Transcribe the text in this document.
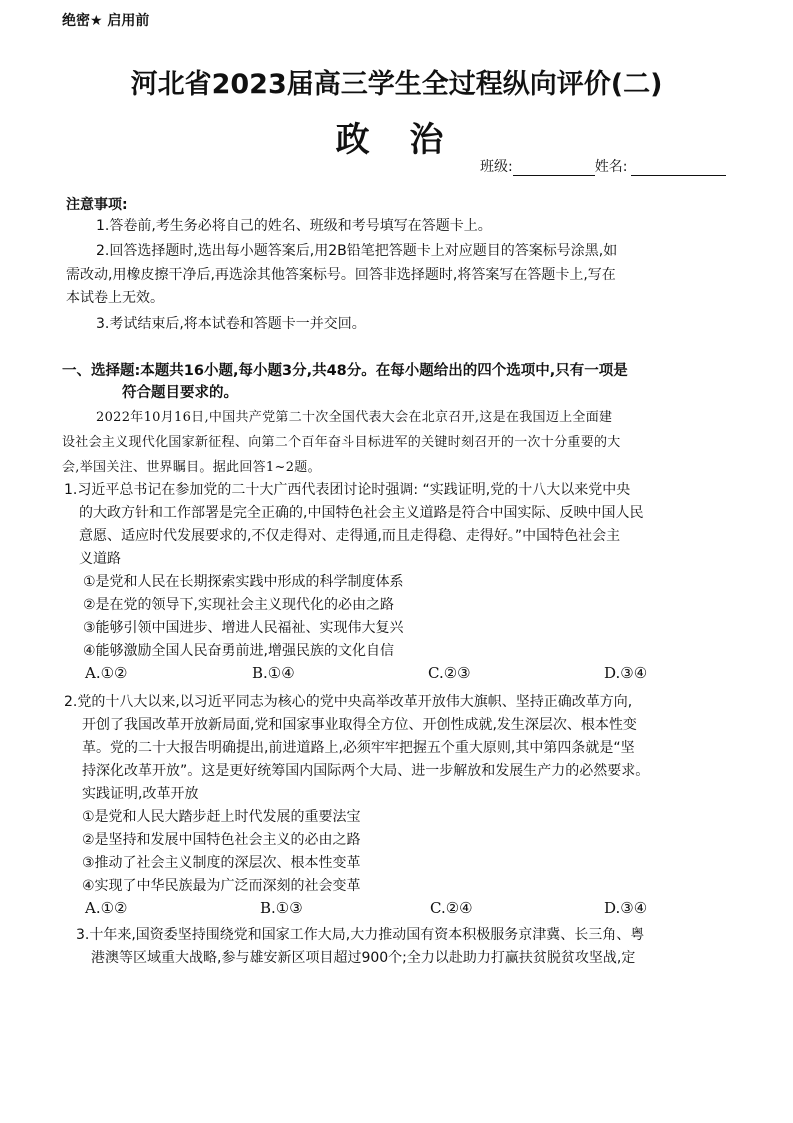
绝密★ 启用前
河北省2023届高三学生全过程纵向评价(二)
政 治
班级:	姓名:
注意事项:
1.答卷前,考生务必将自己的姓名、班级和考号填写在答题卡上。
2.回答选择题时,选出每小题答案后,用2B铅笔把答题卡上对应题目的答案标号涂黑,如
需改动,用橡皮擦干净后,再选涂其他答案标号。回答非选择题时,将答案写在答题卡上,写在
本试卷上无效。
3.考试结束后,将本试卷和答题卡一并交回。
一、选择题:本题共16小题,每小题3分,共48分。在每小题给出的四个选项中,只有一项是
符合题目要求的。
2022年10月16日,中国共产党第二十次全国代表大会在北京召开,这是在我国迈上全面建
设社会主义现代化国家新征程、向第二个百年奋斗目标进军的关键时刻召开的一次十分重要的大
会,举国关注、世界瞩目。据此回答1~2题。
1.习近平总书记在参加党的二十大广西代表团讨论时强调: “实践证明,党的十八大以来党中央
的大政方针和工作部署是完全正确的,中国特色社会主义道路是符合中国实际、反映中国人民
意愿、适应时代发展要求的,不仅走得对、走得通,而且走得稳、走得好。”中国特色社会主
义道路
①是党和人民在长期探索实践中形成的科学制度体系
②是在党的领导下,实现社会主义现代化的必由之路
③能够引领中国进步、增进人民福祉、实现伟大复兴
④能够激励全国人民奋勇前进,增强民族的文化自信
A.①②	B.①④	C.②③	D.③④
2.党的十八大以来,以习近平同志为核心的党中央高举改革开放伟大旗帜、坚持正确改革方向,
开创了我国改革开放新局面,党和国家事业取得全方位、开创性成就,发生深层次、根本性变
革。党的二十大报告明确提出,前进道路上,必须牢牢把握五个重大原则,其中第四条就是“坚
持深化改革开放”。这是更好统筹国内国际两个大局、进一步解放和发展生产力的必然要求。
实践证明,改革开放
①是党和人民大踏步赶上时代发展的重要法宝
②是坚持和发展中国特色社会主义的必由之路
③推动了社会主义制度的深层次、根本性变革
④实现了中华民族最为广泛而深刻的社会变革
A.①②	B.①③	C.②④	D.③④
3.十年来,国资委坚持围绕党和国家工作大局,大力推动国有资本积极服务京津冀、长三角、粤
港澳等区域重大战略,参与雄安新区项目超过900个;全力以赴助力打赢扶贫脱贫攻坚战,定
